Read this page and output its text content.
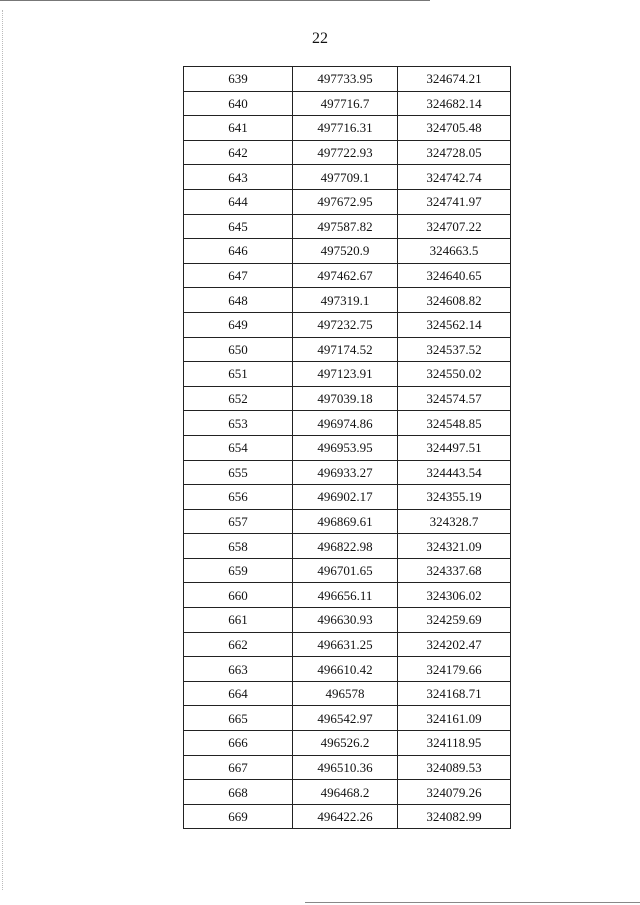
22
639	497733.95	324674.21
640	497716.7	324682.14
641	497716.31	324705.48
642	497722.93	324728.05
643	497709.1	324742.74
644	497672.95	324741.97
645	497587.82	324707.22
646	497520.9	324663.5
647	497462.67	324640.65
648	497319.1	324608.82
649	497232.75	324562.14
650	497174.52	324537.52
651	497123.91	324550.02
652	497039.18	324574.57
653	496974.86	324548.85
654	496953.95	324497.51
655	496933.27	324443.54
656	496902.17	324355.19
657	496869.61	324328.7
658	496822.98	324321.09
659	496701.65	324337.68
660	496656.11	324306.02
661	496630.93	324259.69
662	496631.25	324202.47
663	496610.42	324179.66
664	496578	324168.71
665	496542.97	324161.09
666	496526.2	324118.95
667	496510.36	324089.53
668	496468.2	324079.26
669	496422.26	324082.99
